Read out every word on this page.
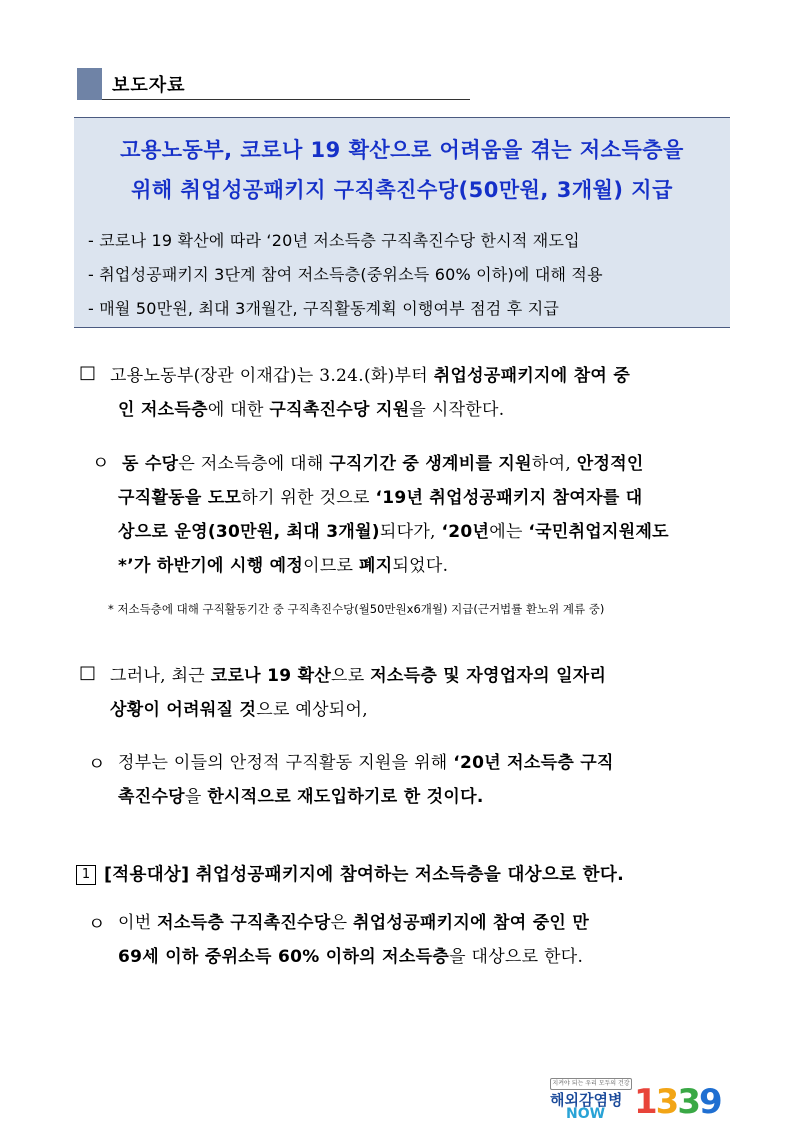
보도자료
고용노동부, 코로나 19 확산으로 어려움을 겪는 저소득층을
위해 취업성공패키지 구직촉진수당(50만원, 3개월) 지급
- 코로나 19 확산에 따라 ‘20년 저소득층 구직촉진수당 한시적 재도입
- 취업성공패키지 3단계 참여 저소득층(중위소득 60% 이하)에 대해 적용
- 매월 50만원, 최대 3개월간, 구직활동계획 이행여부 점검 후 지급
□ 고용노동부(장관 이재갑)는 3.24.(화)부터 취업성공패키지에 참여 중

인 저소득층에 대한 구직촉진수당 지원을 시작한다.
ㅇ 동 수당은 저소득층에 대해 구직기간 중 생계비를 지원하여, 안정적인
구직활동을 도모하기 위한 것으로 ‘19년 취업성공패키지 참여자를 대
상으로 운영(30만원, 최대 3개월)되다가, ‘20년에는 ‘국민취업지원제도
*’가 하반기에 시행 예정이므로 폐지되었다.
* 저소득층에 대해 구직활동기간 중 구직촉진수당(월50만원x6개월) 지급(근거법률 환노위 계류 중)
□ 그러나, 최근 코로나 19 확산으로 저소득층 및 자영업자의 일자리
상황이 어려워질 것으로 예상되어,
ㅇ 정부는 이들의 안정적 구직활동 지원을 위해 ‘20년 저소득층 구직
촉진수당을 한시적으로 재도입하기로 한 것이다.
1 [적용대상] 취업성공패키지에 참여하는 저소득층을 대상으로 한다.
ㅇ 이번 저소득층 구직촉진수당은 취업성공패키지에 참여 중인 만
69세 이하 중위소득 60% 이하의 저소득층을 대상으로 한다.
지켜야 되는 우리 모두의 건강
해외감염병
NOW 1339
